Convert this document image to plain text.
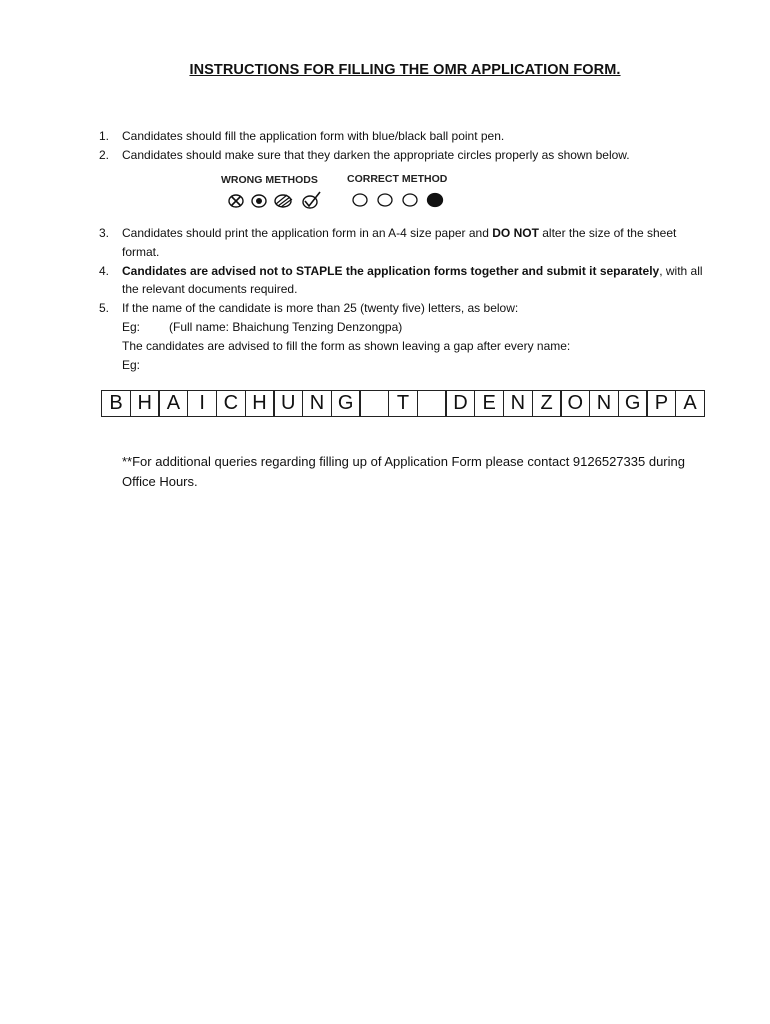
INSTRUCTIONS FOR FILLING THE OMR APPLICATION FORM.
1.	Candidates should fill the application form with blue/black ball point pen.
2.	Candidates should make sure that they darken the appropriate circles properly as shown below.
WRONG METHODS	CORRECT METHOD
3.	Candidates should print the application form in an A-4 size paper and DO NOT alter the size of the sheet
format.
4.	Candidates are advised not to STAPLE the application forms together and submit it separately, with all
the relevant documents required.
5.	If the name of the candidate is more than 25 (twenty five) letters, as below:
Eg: (Full name: Bhaichung Tenzing Denzongpa)
The candidates are advised to fill the form as shown leaving a gap after every name:
Eg:
B H A I C H U N G	T	D E N Z O N G P A
**For additional queries regarding filling up of Application Form please contact 9126527335 during Office Hours.
